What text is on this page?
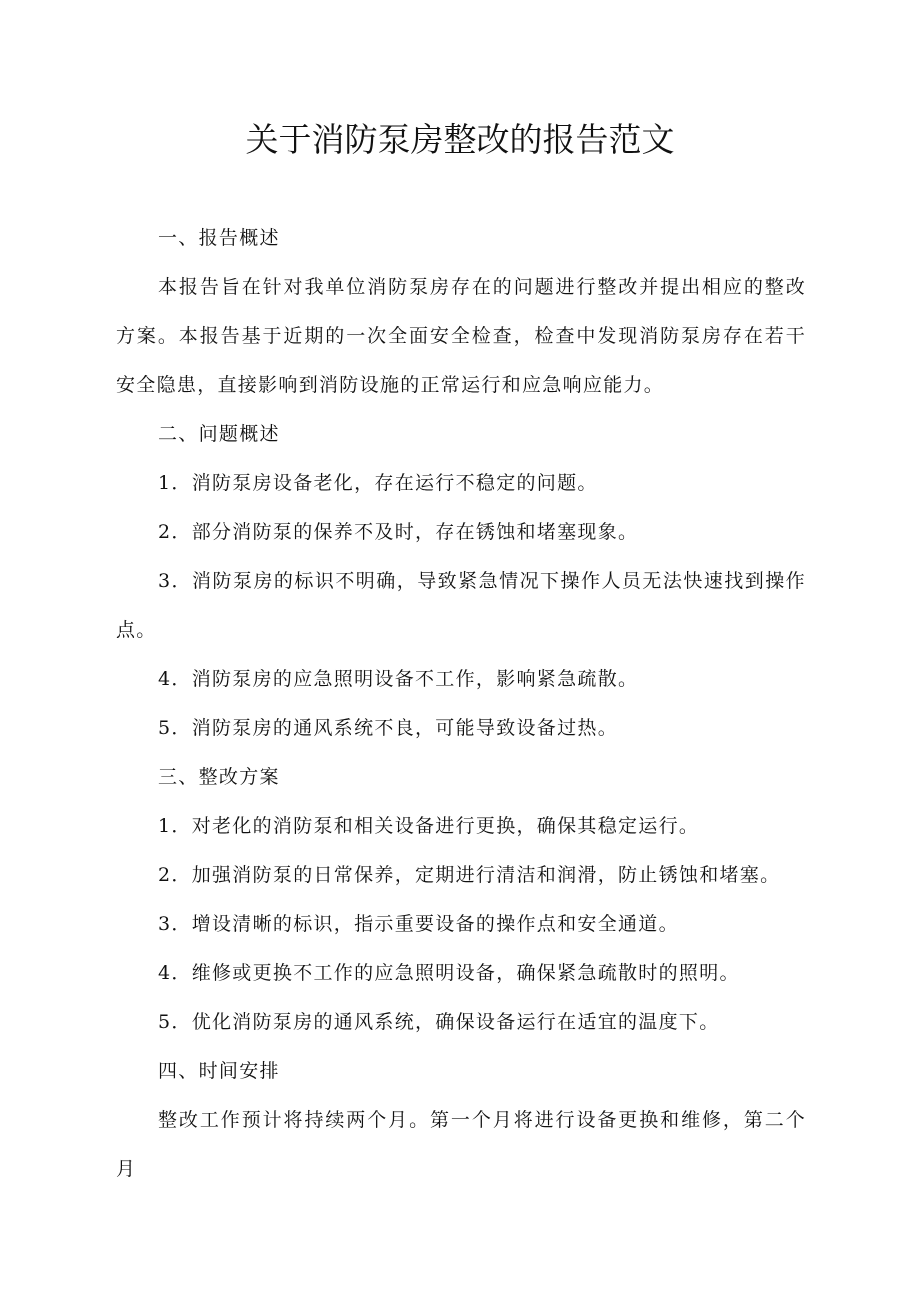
关于消防泵房整改的报告范文

一、报告概述

本报告旨在针对我单位消防泵房存在的问题进行整改并提出相应的整改方案。本报告基于近期的一次全面安全检查，检查中发现消防泵房存在若干安全隐患，直接影响到消防设施的正常运行和应急响应能力。

二、问题概述

1．消防泵房设备老化，存在运行不稳定的问题。

2．部分消防泵的保养不及时，存在锈蚀和堵塞现象。

3．消防泵房的标识不明确，导致紧急情况下操作人员无法快速找到操作点。

4．消防泵房的应急照明设备不工作，影响紧急疏散。

5．消防泵房的通风系统不良，可能导致设备过热。

三、整改方案

1．对老化的消防泵和相关设备进行更换，确保其稳定运行。

2．加强消防泵的日常保养，定期进行清洁和润滑，防止锈蚀和堵塞。

3．增设清晰的标识，指示重要设备的操作点和安全通道。

4．维修或更换不工作的应急照明设备，确保紧急疏散时的照明。

5．优化消防泵房的通风系统，确保设备运行在适宜的温度下。

四、时间安排

整改工作预计将持续两个月。第一个月将进行设备更换和维修，第二个月
